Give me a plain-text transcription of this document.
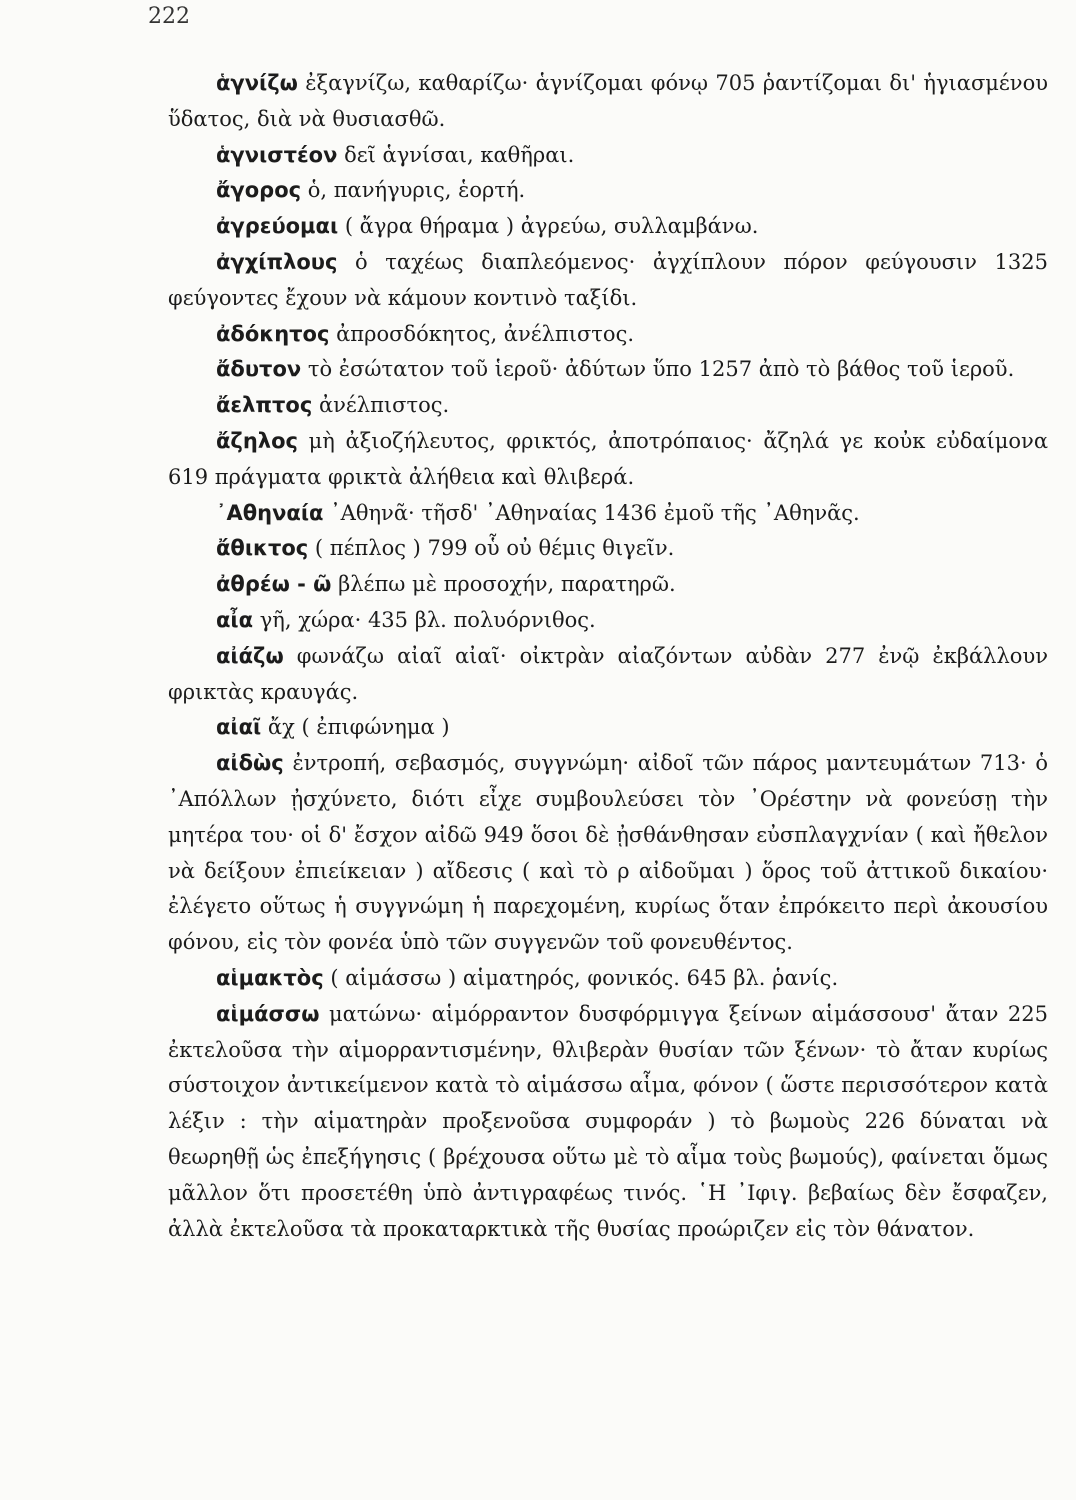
222

ἁγνίζω ἐξαγνίζω, καθαρίζω· ἁγνίζομαι φόνῳ 705 ῥαντίζομαι δι' ἡγιασμένου ὕδατος, διὰ νὰ θυσιασθῶ.

ἁγνιστέον δεῖ ἁγνίσαι, καθῆραι.

ἄγορος ὁ, πανήγυρις, ἑορτή.

ἀγρεύομαι ( ἄγρα θήραμα ) ἀγρεύω, συλλαμβάνω.

ἀγχίπλους ὁ ταχέως διαπλεόμενος· ἀγχίπλουν πόρον φεύγουσιν 1325 φεύγοντες ἔχουν νὰ κάμουν κοντινὸ ταξίδι.

ἀδόκητος ἀπροσδόκητος, ἀνέλπιστος.

ἄδυτον τὸ ἐσώτατον τοῦ ἱεροῦ· ἀδύτων ὕπο 1257 ἀπὸ τὸ βάθος τοῦ ἱεροῦ.

ἄελπτος ἀνέλπιστος.

ἄζηλος μὴ ἀξιοζήλευτος, φρικτός, ἀποτρόπαιος· ἄζηλά γε κοὐκ εὐδαίμονα 619 πράγματα φρικτὰ ἀλήθεια καὶ θλιβερά.

᾿Αθηναία ᾿Αθηνᾶ· τῆσδ' ᾿Αθηναίας 1436 ἐμοῦ τῆς ᾿Αθηνᾶς.

ἄθικτος ( πέπλος ) 799 οὗ οὐ θέμις θιγεῖν.

ἀθρέω - ῶ βλέπω μὲ προσοχήν, παρατηρῶ.

αἶα γῆ, χώρα· 435 βλ. πολυόρνιθος.

αἰάζω φωνάζω αἰαῖ αἰαῖ· οἰκτρὰν αἰαζόντων αὐδὰν 277 ἐνῷ ἐκβάλλουν φρικτὰς κραυγάς.

αἰαῖ ἄχ ( ἐπιφώνημα )

αἰδὼς ἐντροπή, σεβασμός, συγγνώμη· αἰδοῖ τῶν πάρος μαντευμάτων 713· ὁ ᾿Απόλλων ᾐσχύνετο, διότι εἶχε συμβουλεύσει τὸν ᾿Ορέστην νὰ φονεύσῃ τὴν μητέρα του· οἱ δ' ἔσχον αἰδῶ 949 ὅσοι δὲ ᾐσθάνθησαν εὐσπλαγχνίαν ( καὶ ἤθελον νὰ δείξουν ἐπιείκειαν ) αἴδεσις ( καὶ τὸ ρ αἰδοῦμαι ) ὅρος τοῦ ἀττικοῦ δικαίου· ἐλέγετο οὕτως ἡ συγγνώμη ἡ παρεχομένη, κυρίως ὅταν ἐπρόκειτο περὶ ἀκουσίου φόνου, εἰς τὸν φονέα ὑπὸ τῶν συγγενῶν τοῦ φονευθέντος.

αἱμακτὸς ( αἱμάσσω ) αἱματηρός, φονικός. 645 βλ. ῥανίς.

αἱμάσσω ματώνω· αἱμόρραντον δυσφόρμιγγα ξείνων αἱμάσσουσ' ἄταν 225 ἐκτελοῦσα τὴν αἱμορραντισμένην, θλιβερὰν θυσίαν τῶν ξένων· τὸ ἄταν κυρίως σύστοιχον ἀντικείμενον κατὰ τὸ αἱμάσσω αἷμα, φόνον ( ὥστε περισσότερον κατὰ λέξιν : τὴν αἱματηρὰν προξενοῦσα συμφοράν ) τὸ βωμοὺς 226 δύναται νὰ θεωρηθῇ ὡς ἐπεξήγησις ( βρέχουσα οὕτω μὲ τὸ αἷμα τοὺς βωμούς), φαίνεται ὅμως μᾶλλον ὅτι προσετέθη ὑπὸ ἀντιγραφέως τινός. ῾Η ᾿Ιφιγ. βεβαίως δὲν ἔσφαζεν, ἀλλὰ ἐκτελοῦσα τὰ προκαταρκτικὰ τῆς θυσίας προώριζεν εἰς τὸν θάνατον.
